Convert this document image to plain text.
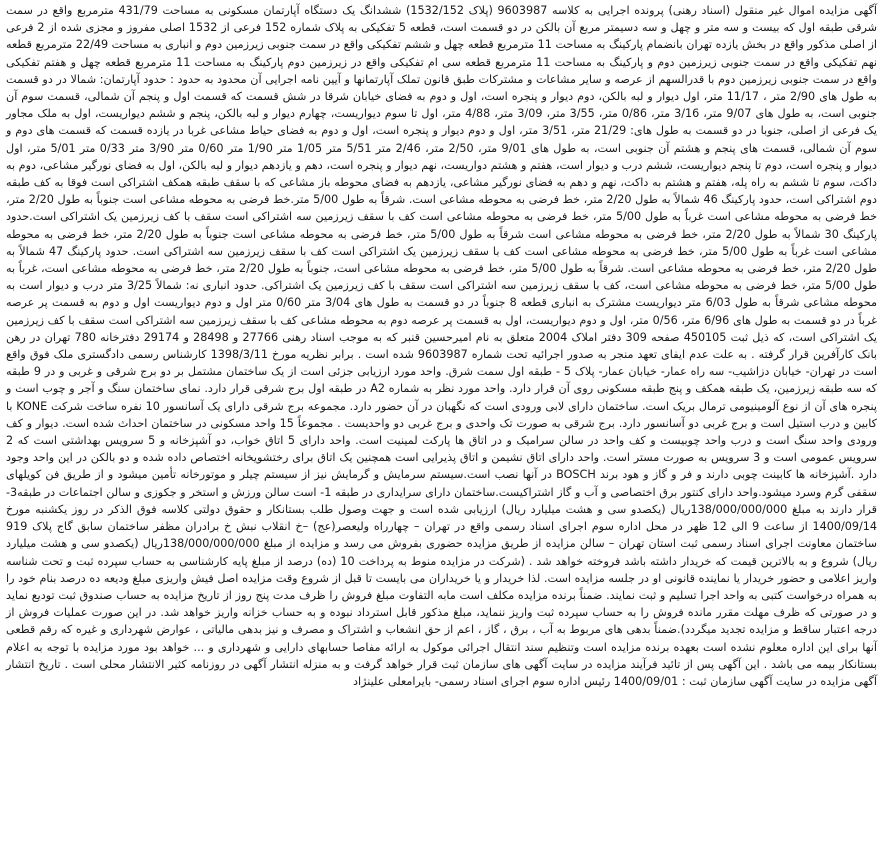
آگهی مزایده اموال غیر منقول (اسناد رهنی) پرونده اجرایی به کلاسه 9603987 (پلاک 1532/152) ششدانگ یک دستگاه آپارتمان مسکونی به مساحت 431/79 مترمربع واقع در سمت شرقی طبقه اول که بیست و سه متر و چهل و سه دسیمتر مربع آن بالکن در دو قسمت است، قطعه 5 تفکیکی به پلاک شماره 152 فرعی از 1532 اصلی مفروز و مجزی شده از 2 فرعی از اصلی مذکور واقع در بخش یازده تهران بانضمام پارکینگ به مساحت 11 مترمربع قطعه چهل و ششم تفکیکی واقع در سمت جنوبی زیرزمین دوم و انباری به مساحت 22/49 مترمربع قطعه نهم تفکیکی واقع در سمت جنوبی زیرزمین دوم و پارکینگ به مساحت 11 مترمربع قطعه سی ام تفکیکی واقع در زیرزمین دوم پارکینگ به مساحت 11 مترمربع قطعه چهل و هفتم تفکیکی واقع در سمت جنوبی زیرزمین دوم با قدرالسهم از عرصه و سایر مشاعات و مشترکات طبق قانون تملک آپارتمانها و آیین نامه اجرایی آن محدود به حدود : حدود آپارتمان: شمالا در دو قسمت به طول های 2/90 متر ، 11/17 متر، اول دیوار و لبه بالکن، دوم دیوار و پنجره است، اول و دوم به فضای خیابان شرقا در شش قسمت که قسمت اول و پنجم آن شمالی، قسمت سوم آن جنوبی است، به طول های 9/07 متر، 3/16 متر، 0/86 متر، 3/55 متر، 3/09 متر، 4/88 متر، اول تا سوم دیواریست، چهارم دیوار و لبه بالکن، پنجم و ششم دیواریست، اول به ملک مجاور یک فرعی از اصلی، جنوبا در دو قسمت به طول های: 21/29 متر، 3/51 متر، اول و دوم دیوار و پنجره است، اول و دوم به فضای حیاط مشاعی غربا در یازده قسمت که قسمت های دوم و سوم آن شمالی، قسمت های پنجم و هشتم آن جنوبی است، به طول های 9/01 متر، 2/50 متر، 2/46 متر 5/51 متر 1/05 متر 1/90 متر 0/60 متر 3/90 متر 0/33 متر 5/01 متر، اول دیوار و پنجره است، دوم تا پنجم دیواریست، ششم درب و دیوار است، هفتم و هشتم دواریست، نهم دیوار و پنجره است، دهم و یازدهم دیوار و لبه بالکن، اول به فضای نورگیر مشاعی، دوم به داکت، سوم تا ششم به راه پله، هفتم و هشتم به داکت، نهم و دهم به فضای نورگیر مشاعی، یازدهم به فضای محوطه باز مشاعی که با سقف طبقه همکف اشتراکی است فوقا به کف طبقه دوم اشتراکی است، حدود پارکینگ 46 شمالاً به طول 2/20 متر، خط فرضی به محوطه مشاعی است. شرقاً به طول 5/00 متر.خط فرضی به محوطه مشاعی است جنوباً به طول 2/20 متر، خط فرضی به محوطه مشاعی است غرباً به طول 5/00 متر، خط فرضی به محوطه مشاعی است کف با سقف زیرزمین سه اشتراکی است سقف با کف زیرزمین یک اشتراکی است.حدود پارکینگ 30 شمالاً به طول 2/20 متر، خط فرضی به محوطه مشاعی است شرقاً به طول 5/00 متر، خط فرضی به محوطه مشاعی است جنوباً به طول 2/20 متر، خط فرضی به محوطه مشاعی است غرباً به طول 5/00 متر، خط فرضی به محوطه مشاعی است کف با سقف زیرزمین یک اشتراکی است کف با سقف زیرزمین سه اشتراکی است. حدود پارکینگ 47 شمالاً به طول 2/20 متر، خط فرضی به محوطه مشاعی است. شرقاً به طول 5/00 متر، خط فرضی به محوطه مشاعی است، جنوباً به طول 2/20 متر، خط فرضی به محوطه مشاعی است، غرباً به طول 5/00 متر، خط فرضی به محوطه مشاعی است، کف با سقف زیرزمین سه اشتراکی است سقف با کف زیرزمین یک اشتراکی. حدود انباری نه: شمالاً 3/25 متر درب و دیوار است به محوطه مشاعی شرقاً به طول 6/03 متر دیواریست مشترک به انباری قطعه 8 جنوباً در دو قسمت به طول های 3/04 متر 0/60 متر اول و دوم دیواریست اول و دوم به قسمت پر عرصه غرباً در دو قسمت به طول های 6/96 متر، 0/56 متر، اول و دوم دیواریست، اول به قسمت پر عرصه دوم به محوطه مشاعی کف با سقف زیرزمین سه اشتراکی است سقف با کف زیرزمین یک اشتراکی است، که ذیل ثبت 450105 صفحه 309 دفتر املاک 2004 متعلق به نام امیرحسین قنبر که به موجب اسناد رهنی 27766 و 28498 و 29174 دفترخانه 780 تهران در رهن بانک کارآفرین قرار گرفته . به علت عدم ایفای تعهد منجر به صدور اجرائیه تحت شماره 9603987 شده است . برابر نظریه مورخ 1398/3/11 کارشناس رسمی دادگستری ملک فوق واقع است در تهران- خیابان دزاشیب- سه راه عمار- خیابان عمار- پلاک 5 - طبقه اول سمت شرق. واحد مورد ارزیابی جزئی است از یک ساختمان مشتمل بر دو برج شرقی و غربی و در 9 طبقه که سه طبقه زیرزمین، یک طبقه همکف و پنج طبقه مسکونی روی آن قرار دارد. واحد مورد نظر به شماره A2 در طبقه اول برج شرقی قرار دارد. نمای ساختمان سنگ و آجر و چوب است و پنجره های آن از نوع آلومینیومی ترمال بریک است. ساختمان دارای لابی ورودی است که نگهبان در آن حضور دارد. مجموعه برج شرقی دارای یک آسانسور 10 نفره ساخت شرکت KONE با کابین و درب استیل است و برج غربی دو آسانسور دارد. برج شرقی به صورت تک واحدی و برج غربی دو واحدیست . مجموعاً 15 واحد مسکونی در ساختمان احداث شده است. دیوار و کف ورودی واحد سنگ است و درب واحد چوبیست و کف واحد در سالن سرامیک و در اتاق ها پارکت لمینیت است. واحد دارای 5 اتاق خواب، دو آشپزخانه و 5 سرویس بهداشتی است که 2 سرویس عمومی است و 3 سرویس به صورت مستر است. واحد دارای اتاق نشیمن و اتاق پذیرایی است همچنین یک اتاق برای رختشویخانه اختصاص داده شده و دو بالکن در این واحد وجود دارد .آشپزخانه ها کابینت چوبی دارند و فر و گاز و هود برند BOSCH در آنها نصب است.سیستم سرمایش و گرمایش نیز از سیستم چیلر و موتورخانه تأمین میشود و از طریق فن کویلهای سقفی گرم وسرد میشود.واحد دارای کنتور برق اختصاصی و آب و گاز اشتراکیست.ساختمان دارای سرایداری در طبقه 1- است سالن ورزش و استخر و جکوزی و سالن اجتماعات در طبقه3- قرار دارند به مبلغ 138/000/000/000ریال (یکصدو سی و هشت میلیارد ریال) ارزیابی شده است و جهت وصول طلب بستانکار و حقوق دولتی کلاسه فوق الذکر در روز یکشنبه مورخ 1400/09/14 از ساعت 9 الی 12 ظهر در محل اداره سوم اجرای اسناد رسمی واقع در تهران – چهارراه ولیعصر(عج) –خ انقلاب نبش خ برادران مظفر ساختمان سابق گاج پلاک 919 ساختمان معاونت اجرای اسناد رسمی ثبت استان تهران – سالن مزایده از طریق مزایده حضوری بفروش می رسد و مزایده از مبلغ 138/000/000/000ریال (یکصدو سی و هشت میلیارد ریال) شروع و به بالاترین قیمت که خریدار داشته باشد فروخته خواهد شد . (شرکت در مزایده منوط به پرداخت 10 (ده) درصد از مبلغ پایه کارشناسی به حساب سپرده ثبت و تحت شناسه واریز اعلامی و حضور خریدار یا نماینده قانونی او در جلسه مزایده است. لذا خریدار و یا خریداران می بایست تا قبل از شروع وقت مزایده اصل فیش واریزی مبلغ ودیعه ده درصد بنام خود را به همراه درخواست کتبی به واحد اجرا تسلیم و ثبت نمایند. ضمناً برنده مزایده مکلف است مابه التفاوت مبلغ فروش را ظرف مدت پنج روز از تاریخ مزایده به حساب صندوق ثبت تودیع نماید و در صورتی که ظرف مهلت مقرر مانده فروش را به حساب سپرده ثبت واریز ننماید، مبلغ مذکور قابل استرداد نبوده و به حساب خزانه واریز خواهد شد. در این صورت عملیات فروش از درجه اعتبار ساقط و مزایده تجدید میگردد).ضمناً بدهی های مربوط به آب ، برق ، گاز ، اعم از حق انشعاب و اشتراک و مصرف و نیز بدهی مالیاتی ، عوارض شهرداری و غیره که رقم قطعی آنها برای این اداره معلوم نشده است بعهده برنده مزایده است وتنظیم سند انتقال اجرائی موکول به ارائه مفاصا حسابهای دارایی و شهرداری و ... خواهد بود مورد مزایده با توجه به اعلام بستانکار بیمه می باشد . این آگهی پس از تائید فرآیند مزایده در سایت آگهی های سازمان ثبت قرار خواهد گرفت و به منزله انتشار آگهی در روزنامه کثیر الانتشار محلی است . تاریخ انتشار آگهی مزایده در سایت آگهی سازمان ثبت : 1400/09/01 رئیس اداره سوم اجرای اسناد رسمی- بایرامعلی علینژاد
